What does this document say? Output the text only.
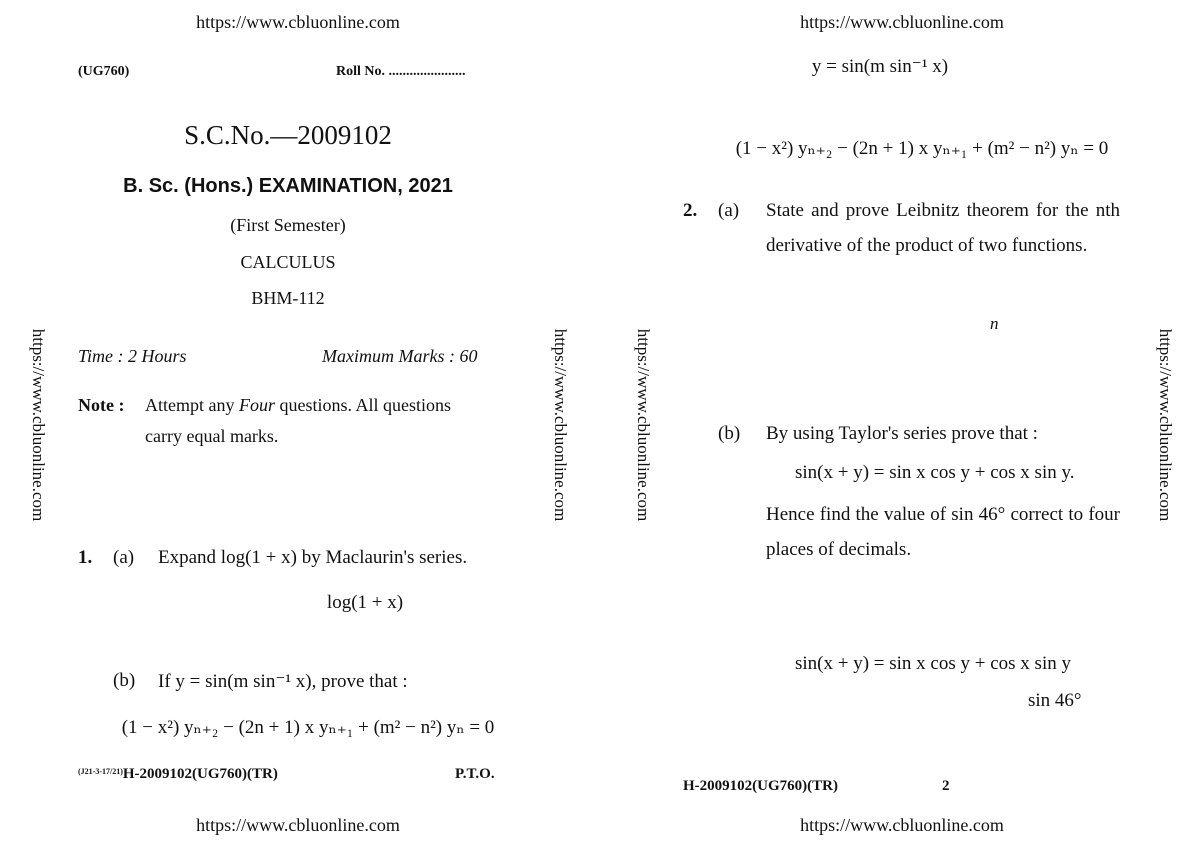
https://www.cbluonline.com	https://www.cbluonline.com
https://www.cbluonline.com	https://www.cbluonline.com
https://www.cbluonline.com	https://www.cbluonline.com	https://www.cbluonline.com	https://www.cbluonline.com
(UG760)	Roll No. ......................
S.C.No.—2009102
B. Sc. (Hons.) EXAMINATION, 2021
(First Semester)
CALCULUS
BHM-112
Time : 2 Hours	Maximum Marks : 60
Note : Attempt any Four questions. All questions
carry equal marks.
1. (a) Expand log(1 + x) by Maclaurin's series.
log(1 + x)
(b) If y = sin(m sin⁻¹ x), prove that :
(1 − x²) yₙ₊₂ − (2n + 1) x yₙ₊₁ + (m² − n²) yₙ = 0
$^{(J21-3-17/21)}$H-2009102(UG760)(TR)	P.T.O.
y = sin(m sin⁻¹ x)
(1 − x²) yₙ₊₂ − (2n + 1) x yₙ₊₁ + (m² − n²) yₙ = 0
2. (a) State and prove Leibnitz theorem for the nth derivative of the product of two functions.
n
(b) By using Taylor's series prove that :
sin(x + y) = sin x cos y + cos x sin y.
Hence find the value of sin 46° correct to four places of decimals.
sin(x + y) = sin x cos y + cos x sin y
sin 46°
H-2009102(UG760)(TR)	2
